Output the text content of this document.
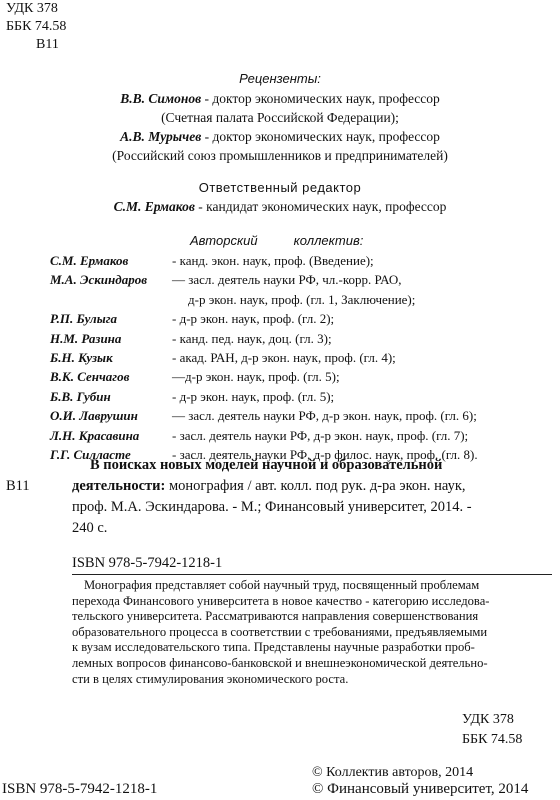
УДК 378
ББК 74.58
В11
Рецензенты:
В.В. Симонов - доктор экономических наук, профессор
(Счетная палата Российской Федерации);
А.В. Мурычев - доктор экономических наук, профессор
(Российский союз промышленников и предпринимателей)
Ответственный редактор
С.М. Ермаков - кандидат экономических наук, профессор
Авторский          коллектив:
С.М. Ермаков	- канд. экон. наук, проф. (Введение);
М.А. Эскиндаров — засл. деятель науки РФ, чл.-корр. РАО,
д-р экон. наук, проф. (гл. 1, Заключение);
Р.П. Булыга	- д-р экон. наук, проф. (гл. 2);
Н.М. Разина	- канд. пед. наук, доц. (гл. 3);
Б.Н. Кузык	- акад. РАН, д-р экон. наук, проф. (гл. 4);
В.К. Сенчагов	—д-р экон. наук, проф. (гл. 5);
Б.В. Губин	- д-р экон. наук, проф. (гл. 5);
О.И. Лаврушин	— засл. деятель науки РФ, д-р экон. наук, проф. (гл. 6);
Л.Н. Красавина	- засл. деятель науки РФ, д-р экон. наук, проф. (гл. 7);
Г.Г. Силласте	- засл. деятель науки РФ, д-р филос. наук, проф. (гл. 8).
В поисках новых моделей научной и образовательной
В11	деятельности: монография / авт. колл. под рук. д-ра экон. наук,
проф. М.А. Эскиндарова. - М.; Финансовый университет, 2014. -
240 с.
ISBN 978-5-7942-1218-1
Монография представляет собой научный труд, посвященный проблемам
перехода Финансового университета в новое качество - категорию исследова-
тельского университета. Рассматриваются направления совершенствования
образовательного процесса в соответствии с требованиями, предъявляемыми
к вузам исследовательского типа. Представлены научные разработки проб-
лемных вопросов финансово-банковской и внешнеэкономической деятельно-
сти в целях стимулирования экономического роста.
УДК 378
ББК 74.58
© Коллектив авторов, 2014
ISBN 978-5-7942-1218-1	© Финансовый университет, 2014
